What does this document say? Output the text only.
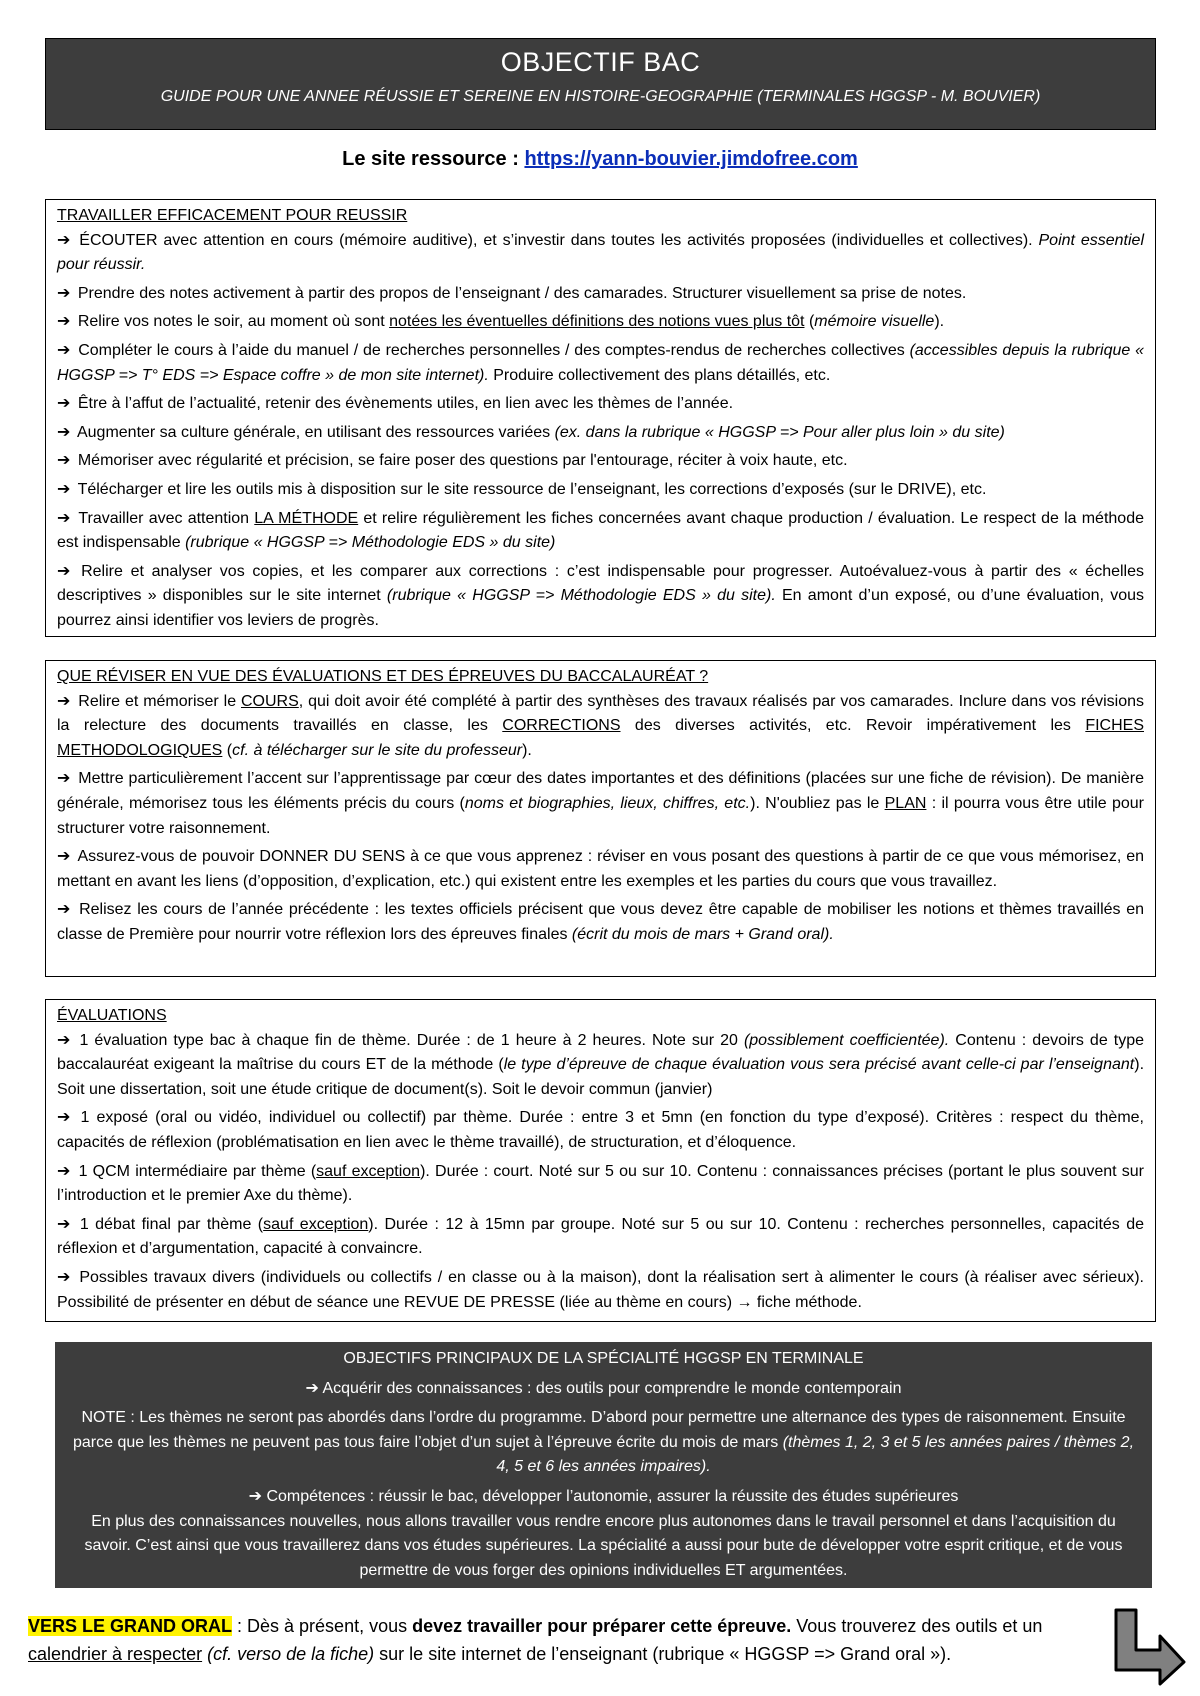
OBJECTIF BAC
GUIDE POUR UNE ANNEE RÉUSSIE ET SEREINE EN HISTOIRE-GEOGRAPHIE (TERMINALES HGGSP - M. BOUVIER)
Le site ressource : https://yann-bouvier.jimdofree.com
TRAVAILLER EFFICACEMENT POUR REUSSIR

➔ ÉCOUTER avec attention en cours (mémoire auditive), et s’investir dans toutes les activités proposées (individuelles et collectives). Point essentiel pour réussir.

➔ Prendre des notes activement à partir des propos de l’enseignant / des camarades. Structurer visuellement sa prise de notes.

➔ Relire vos notes le soir, au moment où sont notées les éventuelles définitions des notions vues plus tôt (mémoire visuelle).

➔ Compléter le cours à l’aide du manuel / de recherches personnelles / des comptes-rendus de recherches collectives (accessibles depuis la rubrique « HGGSP => T° EDS => Espace coffre » de mon site internet). Produire collectivement des plans détaillés, etc.

➔ Être à l’affut de l’actualité, retenir des évènements utiles, en lien avec les thèmes de l’année.

➔ Augmenter sa culture générale, en utilisant des ressources variées (ex. dans la rubrique « HGGSP => Pour aller plus loin » du site)

➔ Mémoriser avec régularité et précision, se faire poser des questions par l'entourage, réciter à voix haute, etc.

➔ Télécharger et lire les outils mis à disposition sur le site ressource de l’enseignant, les corrections d’exposés (sur le DRIVE), etc.

➔ Travailler avec attention LA MÉTHODE et relire régulièrement les fiches concernées avant chaque production / évaluation. Le respect de la méthode est indispensable (rubrique « HGGSP => Méthodologie EDS » du site)

➔ Relire et analyser vos copies, et les comparer aux corrections : c’est indispensable pour progresser. Autoévaluez-vous à partir des « échelles descriptives » disponibles sur le site internet (rubrique « HGGSP => Méthodologie EDS » du site). En amont d’un exposé, ou d’une évaluation, vous pourrez ainsi identifier vos leviers de progrès.

QUE RÉVISER EN VUE DES ÉVALUATIONS ET DES ÉPREUVES DU BACCALAURÉAT ?

➔ Relire et mémoriser le COURS, qui doit avoir été complété à partir des synthèses des travaux réalisés par vos camarades. Inclure dans vos révisions la relecture des documents travaillés en classe, les CORRECTIONS des diverses activités, etc. Revoir impérativement les FICHES METHODOLOGIQUES (cf. à télécharger sur le site du professeur).

➔ Mettre particulièrement l’accent sur l’apprentissage par cœur des dates importantes et des définitions (placées sur une fiche de révision). De manière générale, mémorisez tous les éléments précis du cours (noms et biographies, lieux, chiffres, etc.). N'oubliez pas le PLAN : il pourra vous être utile pour structurer votre raisonnement.

➔ Assurez-vous de pouvoir DONNER DU SENS à ce que vous apprenez : réviser en vous posant des questions à partir de ce que vous mémorisez, en mettant en avant les liens (d’opposition, d’explication, etc.) qui existent entre les exemples et les parties du cours que vous travaillez.

➔ Relisez les cours de l’année précédente : les textes officiels précisent que vous devez être capable de mobiliser les notions et thèmes travaillés en classe de Première pour nourrir votre réflexion lors des épreuves finales (écrit du mois de mars + Grand oral).

ÉVALUATIONS

➔ 1 évaluation type bac à chaque fin de thème. Durée : de 1 heure à 2 heures. Note sur 20 (possiblement coefficientée). Contenu : devoirs de type baccalauréat exigeant la maîtrise du cours ET de la méthode (le type d’épreuve de chaque évaluation vous sera précisé avant celle-ci par l’enseignant). Soit une dissertation, soit une étude critique de document(s). Soit le devoir commun (janvier)

➔ 1 exposé (oral ou vidéo, individuel ou collectif) par thème. Durée : entre 3 et 5mn (en fonction du type d’exposé). Critères : respect du thème, capacités de réflexion (problématisation en lien avec le thème travaillé), de structuration, et d’éloquence.

➔ 1 QCM intermédiaire par thème (sauf exception). Durée : court. Noté sur 5 ou sur 10. Contenu : connaissances précises (portant le plus souvent sur l’introduction et le premier Axe du thème).

➔ 1 débat final par thème (sauf exception). Durée : 12 à 15mn par groupe. Noté sur 5 ou sur 10. Contenu : recherches personnelles, capacités de réflexion et d’argumentation, capacité à convaincre.

➔ Possibles travaux divers (individuels ou collectifs / en classe ou à la maison), dont la réalisation sert à alimenter le cours (à réaliser avec sérieux). Possibilité de présenter en début de séance une REVUE DE PRESSE (liée au thème en cours) → fiche méthode.

OBJECTIFS PRINCIPAUX DE LA SPÉCIALITÉ HGGSP EN TERMINALE

➔ Acquérir des connaissances : des outils pour comprendre le monde contemporain

NOTE : Les thèmes ne seront pas abordés dans l’ordre du programme. D’abord pour permettre une alternance des types de raisonnement. Ensuite parce que les thèmes ne peuvent pas tous faire l’objet d’un sujet à l’épreuve écrite du mois de mars (thèmes 1, 2, 3 et 5 les années paires / thèmes 2, 4, 5 et 6 les années impaires).

➔ Compétences : réussir le bac, développer l’autonomie, assurer la réussite des études supérieures

En plus des connaissances nouvelles, nous allons travailler vous rendre encore plus autonomes dans le travail personnel et dans l’acquisition du savoir. C’est ainsi que vous travaillerez dans vos études supérieures. La spécialité a aussi pour bute de développer votre esprit critique, et de vous permettre de vous forger des opinions individuelles ET argumentées.

VERS LE GRAND ORAL : Dès à présent, vous devez travailler pour préparer cette épreuve. Vous trouverez des outils et un calendrier à respecter (cf. verso de la fiche) sur le site internet de l’enseignant (rubrique « HGGSP => Grand oral »).
